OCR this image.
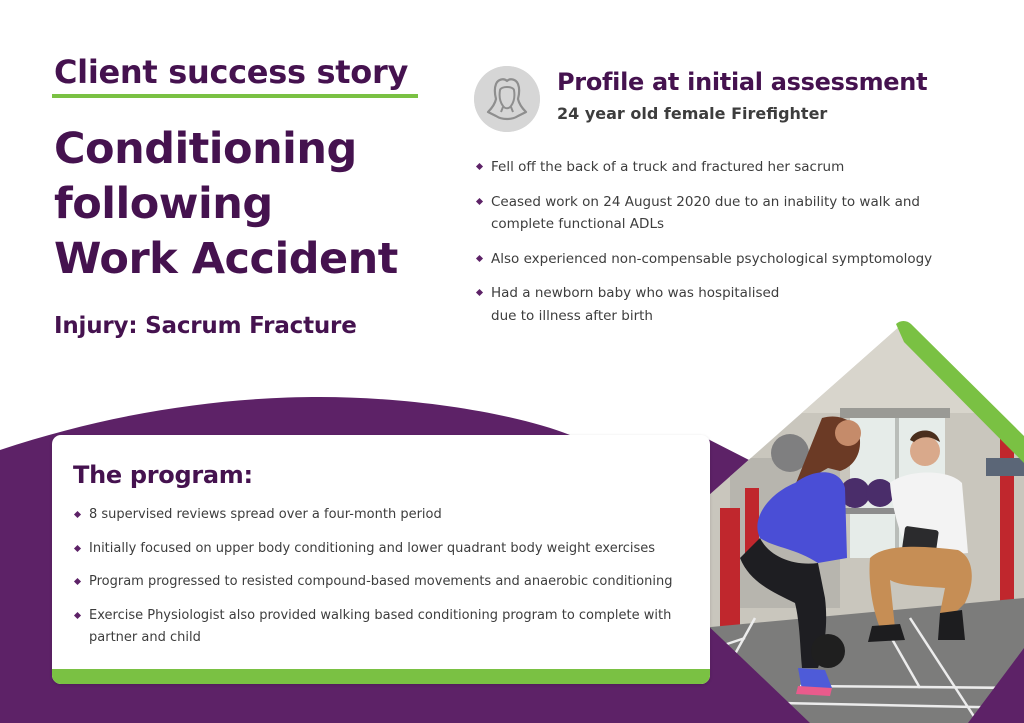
Client success story
Conditioning
following
Work Accident
Injury: Sacrum Fracture
Profile at initial assessment
24 year old female Firefighter
Fell off the back of a truck and fractured her sacrum
Ceased work on 24 August 2020 due to an inability to walk and complete functional ADLs
Also experienced non-compensable psychological symptomology
Had a newborn baby who was hospitalised due to illness after birth
The program:
8 supervised reviews spread over a four-month period
Initially focused on upper body conditioning and lower quadrant body weight exercises
Program progressed to resisted compound-based movements and anaerobic conditioning
Exercise Physiologist also provided walking based conditioning program to complete with partner and child
